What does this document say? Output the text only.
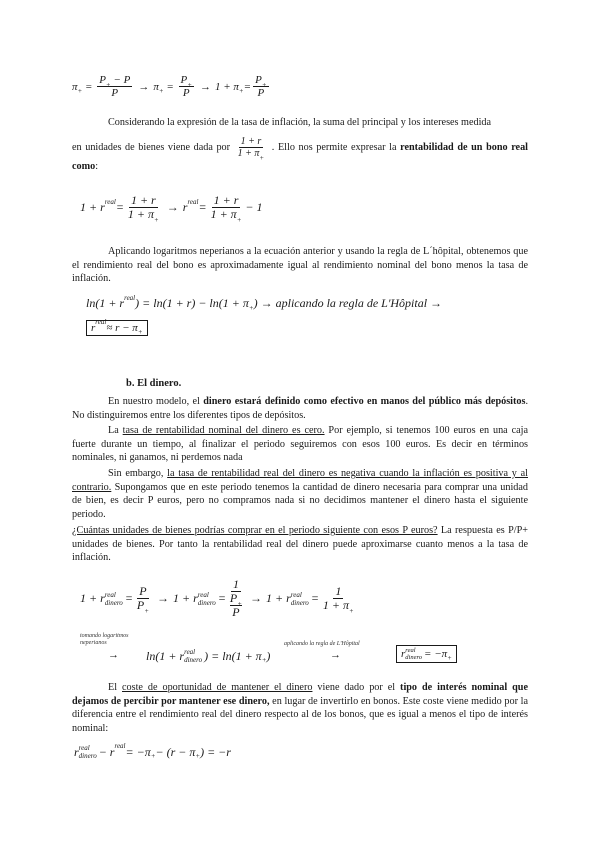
π + = $\frac{P_+ - P}{P} \to \pi$ + = $\frac{P_+}{P} \to 1 + \pi$ + = $\frac{P_+}{P}$
Considerando la expresión de la tasa de inflación, la suma del principal y los intereses medida
en unidades de bienes viene dada por $\frac{1 + r}{1 + \pi_+}$ . Ello nos permite expresar la rentabilidad de un bono real como:
1 + r real = $\frac{1 + r}{1 + \pi_+} \to r$ real = $\frac{1 + r}{1 + \pi_+} - 1$
Aplicando logaritmos neperianos a la ecuación anterior y usando la regla de L´hôpital, obtenemos que el rendimiento real del bono es aproximadamente igual al rendimiento nominal del bono menos la tasa de inflación.
ln(1 + r real ) = ln(1 + r) − ln(1 + π + ) → aplicando la regla de L'Hôpital →
r real ≈ r − π +
b. El dinero.
En nuestro modelo, el dinero estará definido como efectivo en manos del público más depósitos. No distinguiremos entre los diferentes tipos de depósitos.
La tasa de rentabilidad nominal del dinero es cero. Por ejemplo, si tenemos 100 euros en una caja fuerte durante un tiempo, al finalizar el periodo seguiremos con esos 100 euros. Es decir en términos nominales, ni ganamos, ni perdemos nada
Sin embargo, la tasa de rentabilidad real del dinero es negativa cuando la inflación es positiva y al contrario. Supongamos que en este periodo tenemos la cantidad de dinero necesaria para comprar una unidad de bien, es decir P euros, pero no compramos nada si no decidimos mantener el dinero hasta el siguiente periodo.
¿Cuántas unidades de bienes podrías comprar en el periodo siguiente con esos P euros? La respuesta es P/P+ unidades de bienes. Por tanto la rentabilidad real del dinero puede aproximarse cuanto menos a la tasa de inflación.
1 + r real
dinero = $\frac{P}{P_+} \to 1 + r$ real
dinero = 1
$P_+$
P → 1 + r real
dinero = $\frac{1}{1 + \pi_+}$
tomando logaritmos neperianos
→ ln(1 + r real
dinero ) = ln(1 + π + )
aplicando la regla de L'Hôpital
→	r real
dinero = −π +
El coste de oportunidad de mantener el dinero viene dado por el tipo de interés nominal que dejamos de percibir por mantener ese dinero, en lugar de invertirlo en bonos. Este coste viene medido por la diferencia entre el rendimiento real del dinero respecto al de los bonos, que es igual a menos el tipo de interés nominal:
r real
dinero − r real = −π + − (r − π + ) = −r
